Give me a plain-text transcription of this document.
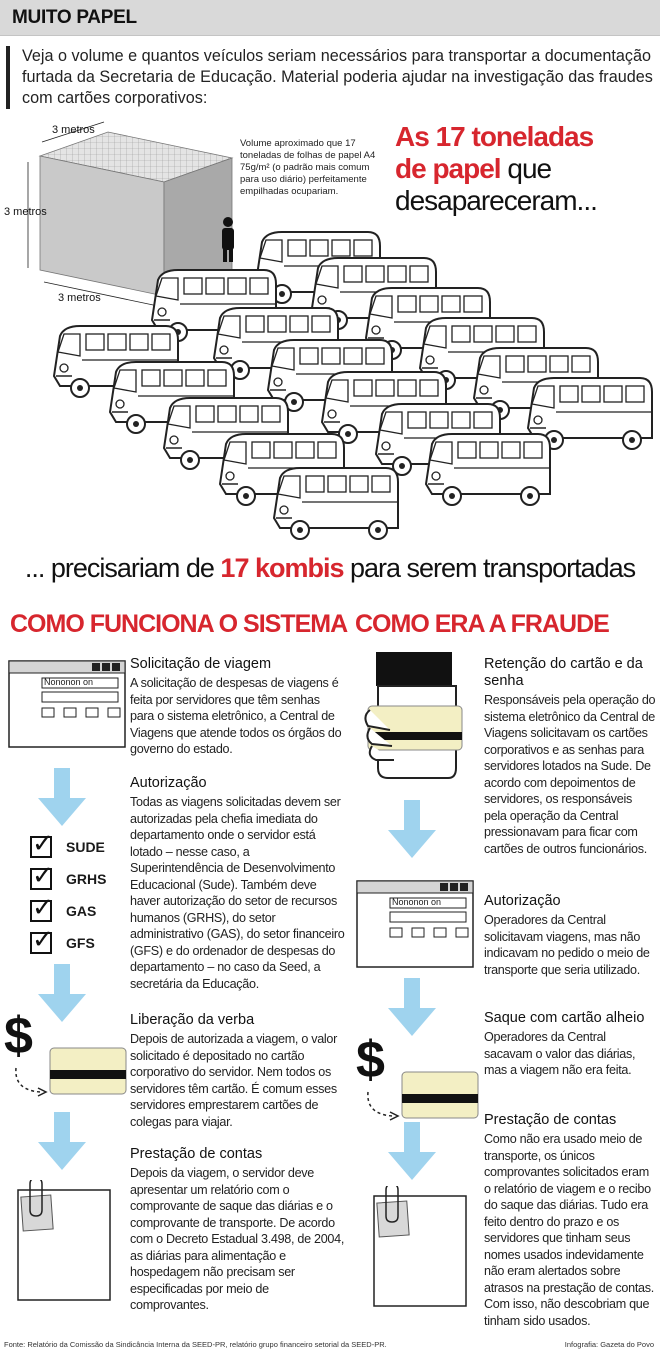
MUITO PAPEL

Veja o volume e quantos veículos seriam necessários para transportar a documentação furtada da Secretaria de Educação. Material poderia ajudar na investigação das fraudes com cartões corporativos:

3 metros
3 metros
3 metros
Volume aproximado que 17 toneladas de folhas de papel A4 75g/m² (o padrão mais comum para uso diário) perfeitamente empilhadas ocupariam.
As 17 toneladas
de papel que
desapareceram...
... precisariam de 17 kombis para serem transportadas
COMO FUNCIONA O SISTEMA
Nononon on
✓ SUDE
✓ GRHS
✓ GAS
✓ GFS
$
Solicitação de viagem
A solicitação de despesas de viagens é feita por servidores que têm senhas para o sistema eletrônico, a Central de Viagens que atende todos os órgãos do governo do estado.
Autorização
Todas as viagens solicitadas devem ser autorizadas pela chefia imediata do departamento onde o servidor está lotado – nesse caso, a Superintendência de Desenvolvimento Educacional (Sude). Também deve haver autorização do setor de recursos humanos (GRHS), do setor administrativo (GAS), do setor financeiro (GFS) e do ordenador de despesas do departamento – no caso da Seed, a secretária da Educação.
Liberação da verba
Depois de autorizada a viagem, o valor solicitado é depositado no cartão corporativo do servidor. Nem todos os servidores têm cartão. É comum esses servidores emprestarem cartões de colegas para viajar.
Prestação de contas
Depois da viagem, o servidor deve apresentar um relatório com o comprovante de saque das diárias e o comprovante de transporte. De acordo com o Decreto Estadual 3.498, de 2004, as diárias para alimentação e hospedagem não precisam ser especificadas por meio de comprovantes.
COMO ERA A FRAUDE
Nononon on
$
Retenção do cartão e da senha
Responsáveis pela operação do sistema eletrônico da Central de Viagens solicitavam os cartões corporativos e as senhas para servidores lotados na Sude. De acordo com depoimentos de servidores, os responsáveis pela operação da Central pressionavam para ficar com cartões de outros funcionários.
Autorização
Operadores da Central solicitavam viagens, mas não indicavam no pedido o meio de transporte que seria utilizado.
Saque com cartão alheio
Operadores da Central sacavam o valor das diárias, mas a viagem não era feita.
Prestação de contas
Como não era usado meio de transporte, os únicos comprovantes solicitados eram o relatório de viagem e o recibo do saque das diárias. Tudo era feito dentro do prazo e os servidores que tinham seus nomes usados indevidamente não eram alertados sobre atrasos na prestação de contas. Com isso, não descobriam que tinham sido usados.
Fonte: Relatório da Comissão da Sindicância Interna da SEED-PR, relatório grupo financeiro setorial da SEED-PR.	Infografia: Gazeta do Povo
